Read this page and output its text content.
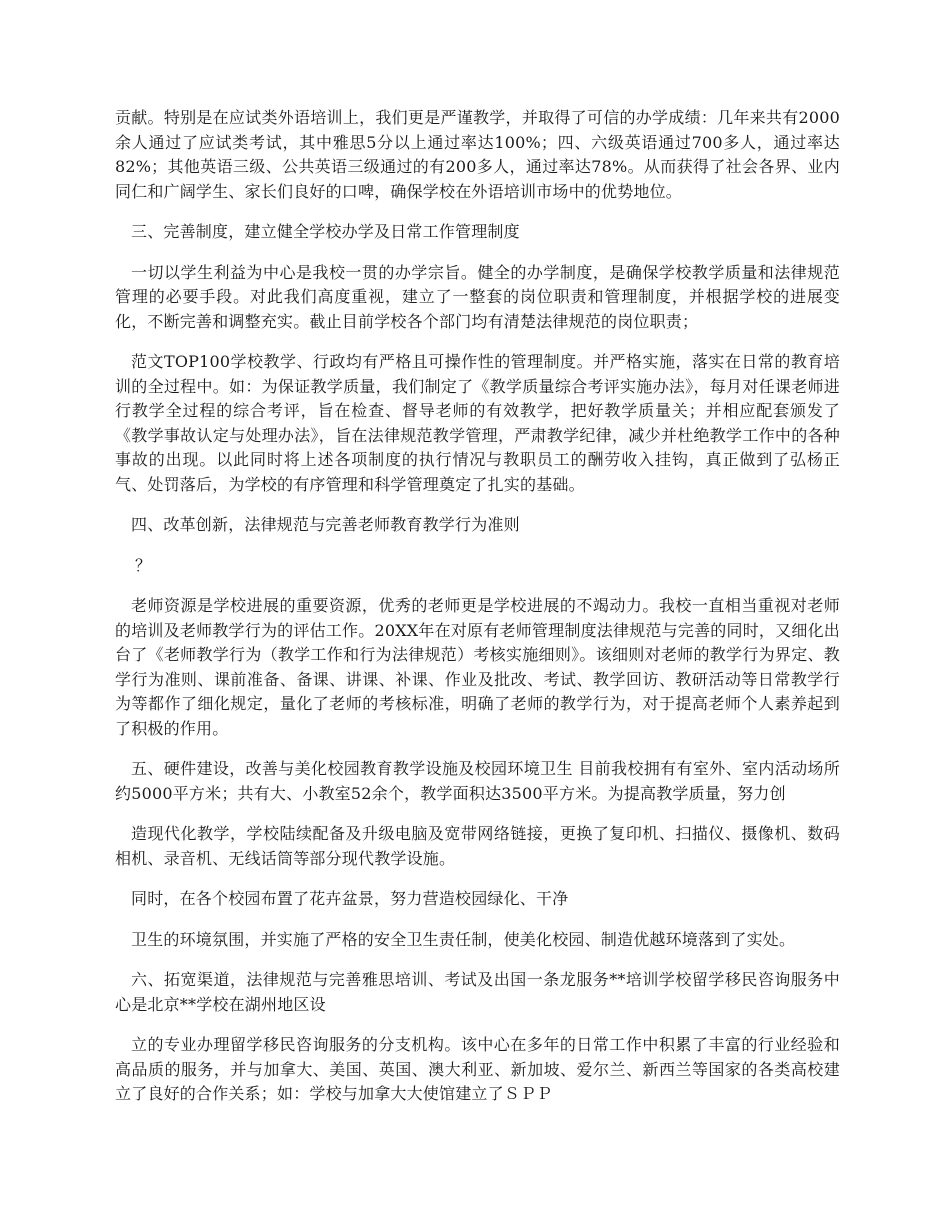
贡献。特别是在应试类外语培训上，我们更是严谨教学，并取得了可信的办学成绩：几年来共有2000余人通过了应试类考试，其中雅思5分以上通过率达100%；四、六级英语通过700多人，通过率达82%；其他英语三级、公共英语三级通过的有200多人，通过率达78%。从而获得了社会各界、业内同仁和广阔学生、家长们良好的口啤，确保学校在外语培训市场中的优势地位。

三、完善制度，建立健全学校办学及日常工作管理制度

一切以学生利益为中心是我校一贯的办学宗旨。健全的办学制度，是确保学校教学质量和法律规范管理的必要手段。对此我们高度重视，建立了一整套的岗位职责和管理制度，并根据学校的进展变化，不断完善和调整充实。截止目前学校各个部门均有清楚法律规范的岗位职责；

范文TOP100学校教学、行政均有严格且可操作性的管理制度。并严格实施，落实在日常的教育培训的全过程中。如：为保证教学质量，我们制定了《教学质量综合考评实施办法》，每月对任课老师进行教学全过程的综合考评，旨在检查、督导老师的有效教学，把好教学质量关；并相应配套颁发了《教学事故认定与处理办法》，旨在法律规范教学管理，严肃教学纪律，减少并杜绝教学工作中的各种事故的出现。以此同时将上述各项制度的执行情况与教职员工的酬劳收入挂钩，真正做到了弘杨正气、处罚落后，为学校的有序管理和科学管理奠定了扎实的基础。

四、改革创新，法律规范与完善老师教育教学行为准则

？

老师资源是学校进展的重要资源，优秀的老师更是学校进展的不竭动力。我校一直相当重视对老师的培训及老师教学行为的评估工作。20XX年在对原有老师管理制度法律规范与完善的同时，又细化出台了《老师教学行为（教学工作和行为法律规范）考核实施细则》。该细则对老师的教学行为界定、教学行为准则、课前准备、备课、讲课、补课、作业及批改、考试、教学回访、教研活动等日常教学行为等都作了细化规定，量化了老师的考核标准，明确了老师的教学行为，对于提高老师个人素养起到了积极的作用。

五、硬件建设，改善与美化校园教育教学设施及校园环境卫生 目前我校拥有有室外、室内活动场所约5000平方米；共有大、小教室52余个，教学面积达3500平方米。为提高教学质量，努力创

造现代化教学，学校陆续配备及升级电脑及宽带网络链接，更换了复印机、扫描仪、摄像机、数码相机、录音机、无线话筒等部分现代教学设施。

同时，在各个校园布置了花卉盆景，努力营造校园绿化、干净

卫生的环境氛围，并实施了严格的安全卫生责任制，使美化校园、制造优越环境落到了实处。

六、拓宽渠道，法律规范与完善雅思培训、考试及出国一条龙服务**培训学校留学移民咨询服务中心是北京**学校在湖州地区设

立的专业办理留学移民咨询服务的分支机构。该中心在多年的日常工作中积累了丰富的行业经验和高品质的服务，并与加拿大、美国、英国、澳大利亚、新加坡、爱尔兰、新西兰等国家的各类高校建立了良好的合作关系；如：学校与加拿大大使馆建立了ＳＰＰ
